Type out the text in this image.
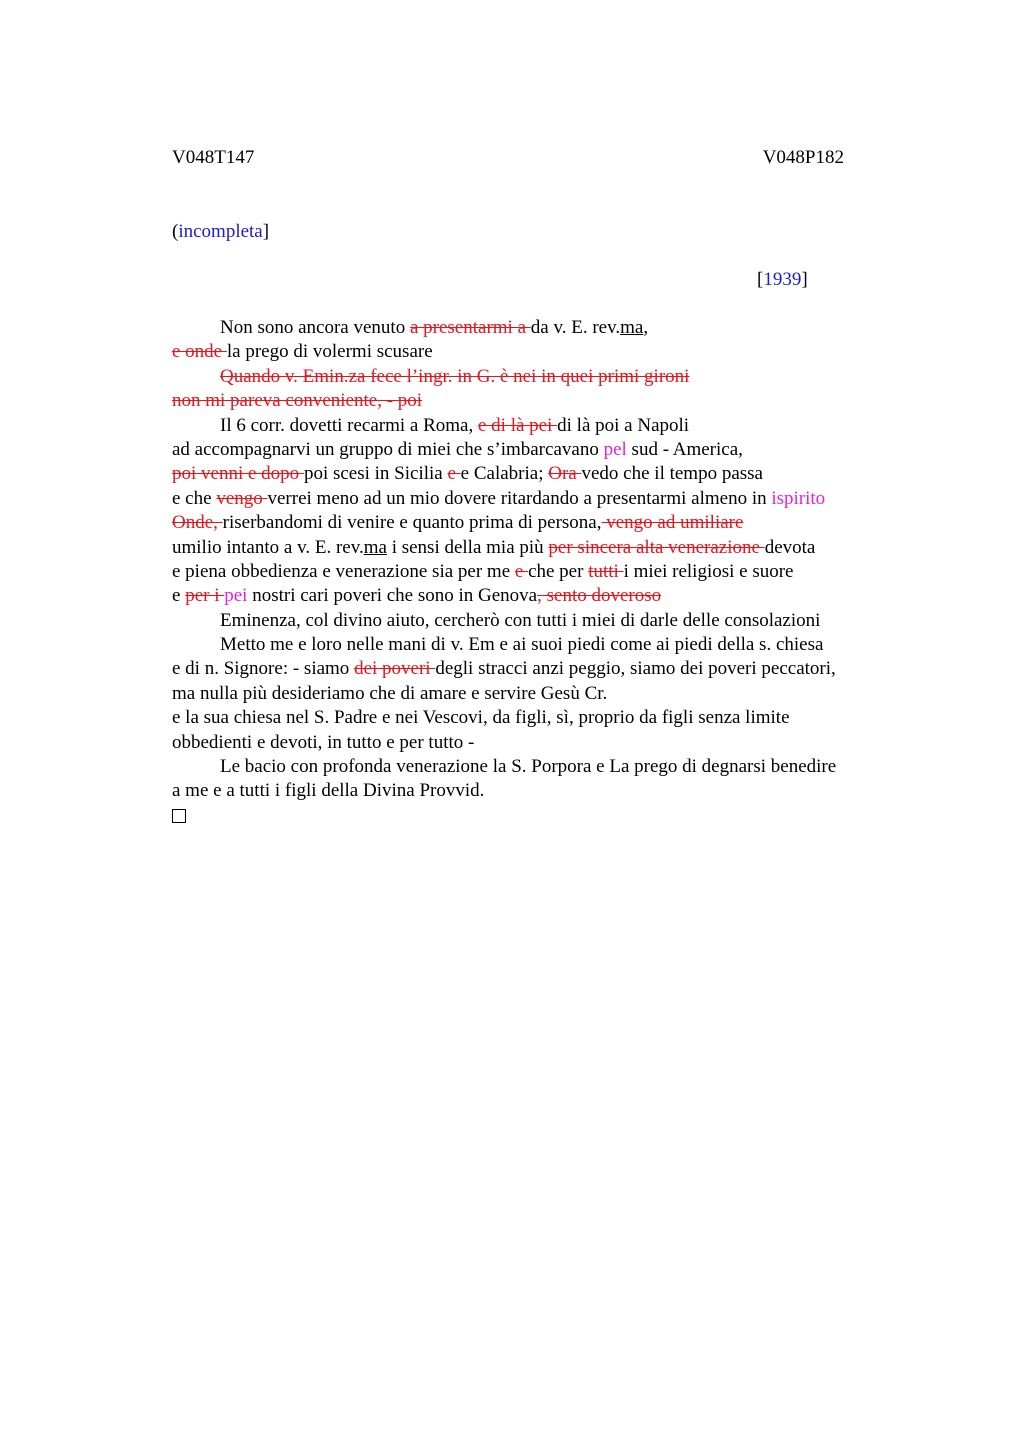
V048T147	V048P182
(incompleta]
[1939]
Non sono ancora venuto a presentarmi a da v. E. rev.ma,
e onde la prego di volermi scusare
Quando v. Emin.za fece l’ingr. in G. è nei in quei primi gironi
non mi pareva conveniente, - poi
Il 6 corr. dovetti recarmi a Roma, e di là pei di là poi a Napoli
ad accompagnarvi un gruppo di miei che s’imbarcavano pel sud - America,
poi venni e dopo poi scesi in Sicilia e e Calabria; Ora vedo che il tempo passa
e che vengo verrei meno ad un mio dovere ritardando a presentarmi almeno in ispirito
Onde, riserbandomi di venire e quanto prima di persona, vengo ad umiliare
umilio intanto a v. E. rev.ma i sensi della mia più per sincera alta venerazione devota
e piena obbedienza e venerazione sia per me e che per tutti i miei religiosi e suore
e per i pei nostri cari poveri che sono in Genova, sento doveroso
Eminenza, col divino aiuto, cercherò con tutti i miei di darle delle consolazioni
Metto me e loro nelle mani di v. Em e ai suoi piedi come ai piedi della s. chiesa
e di n. Signore: - siamo dei poveri degli stracci anzi peggio, siamo dei poveri peccatori,
ma nulla più desideriamo che di amare e servire Gesù Cr.
e la sua chiesa nel S. Padre e nei Vescovi, da figli, sì, proprio da figli senza limite
obbedienti e devoti, in tutto e per tutto -
Le bacio con profonda venerazione la S. Porpora e La prego di degnarsi benedire
a me e a tutti i figli della Divina Provvid.
